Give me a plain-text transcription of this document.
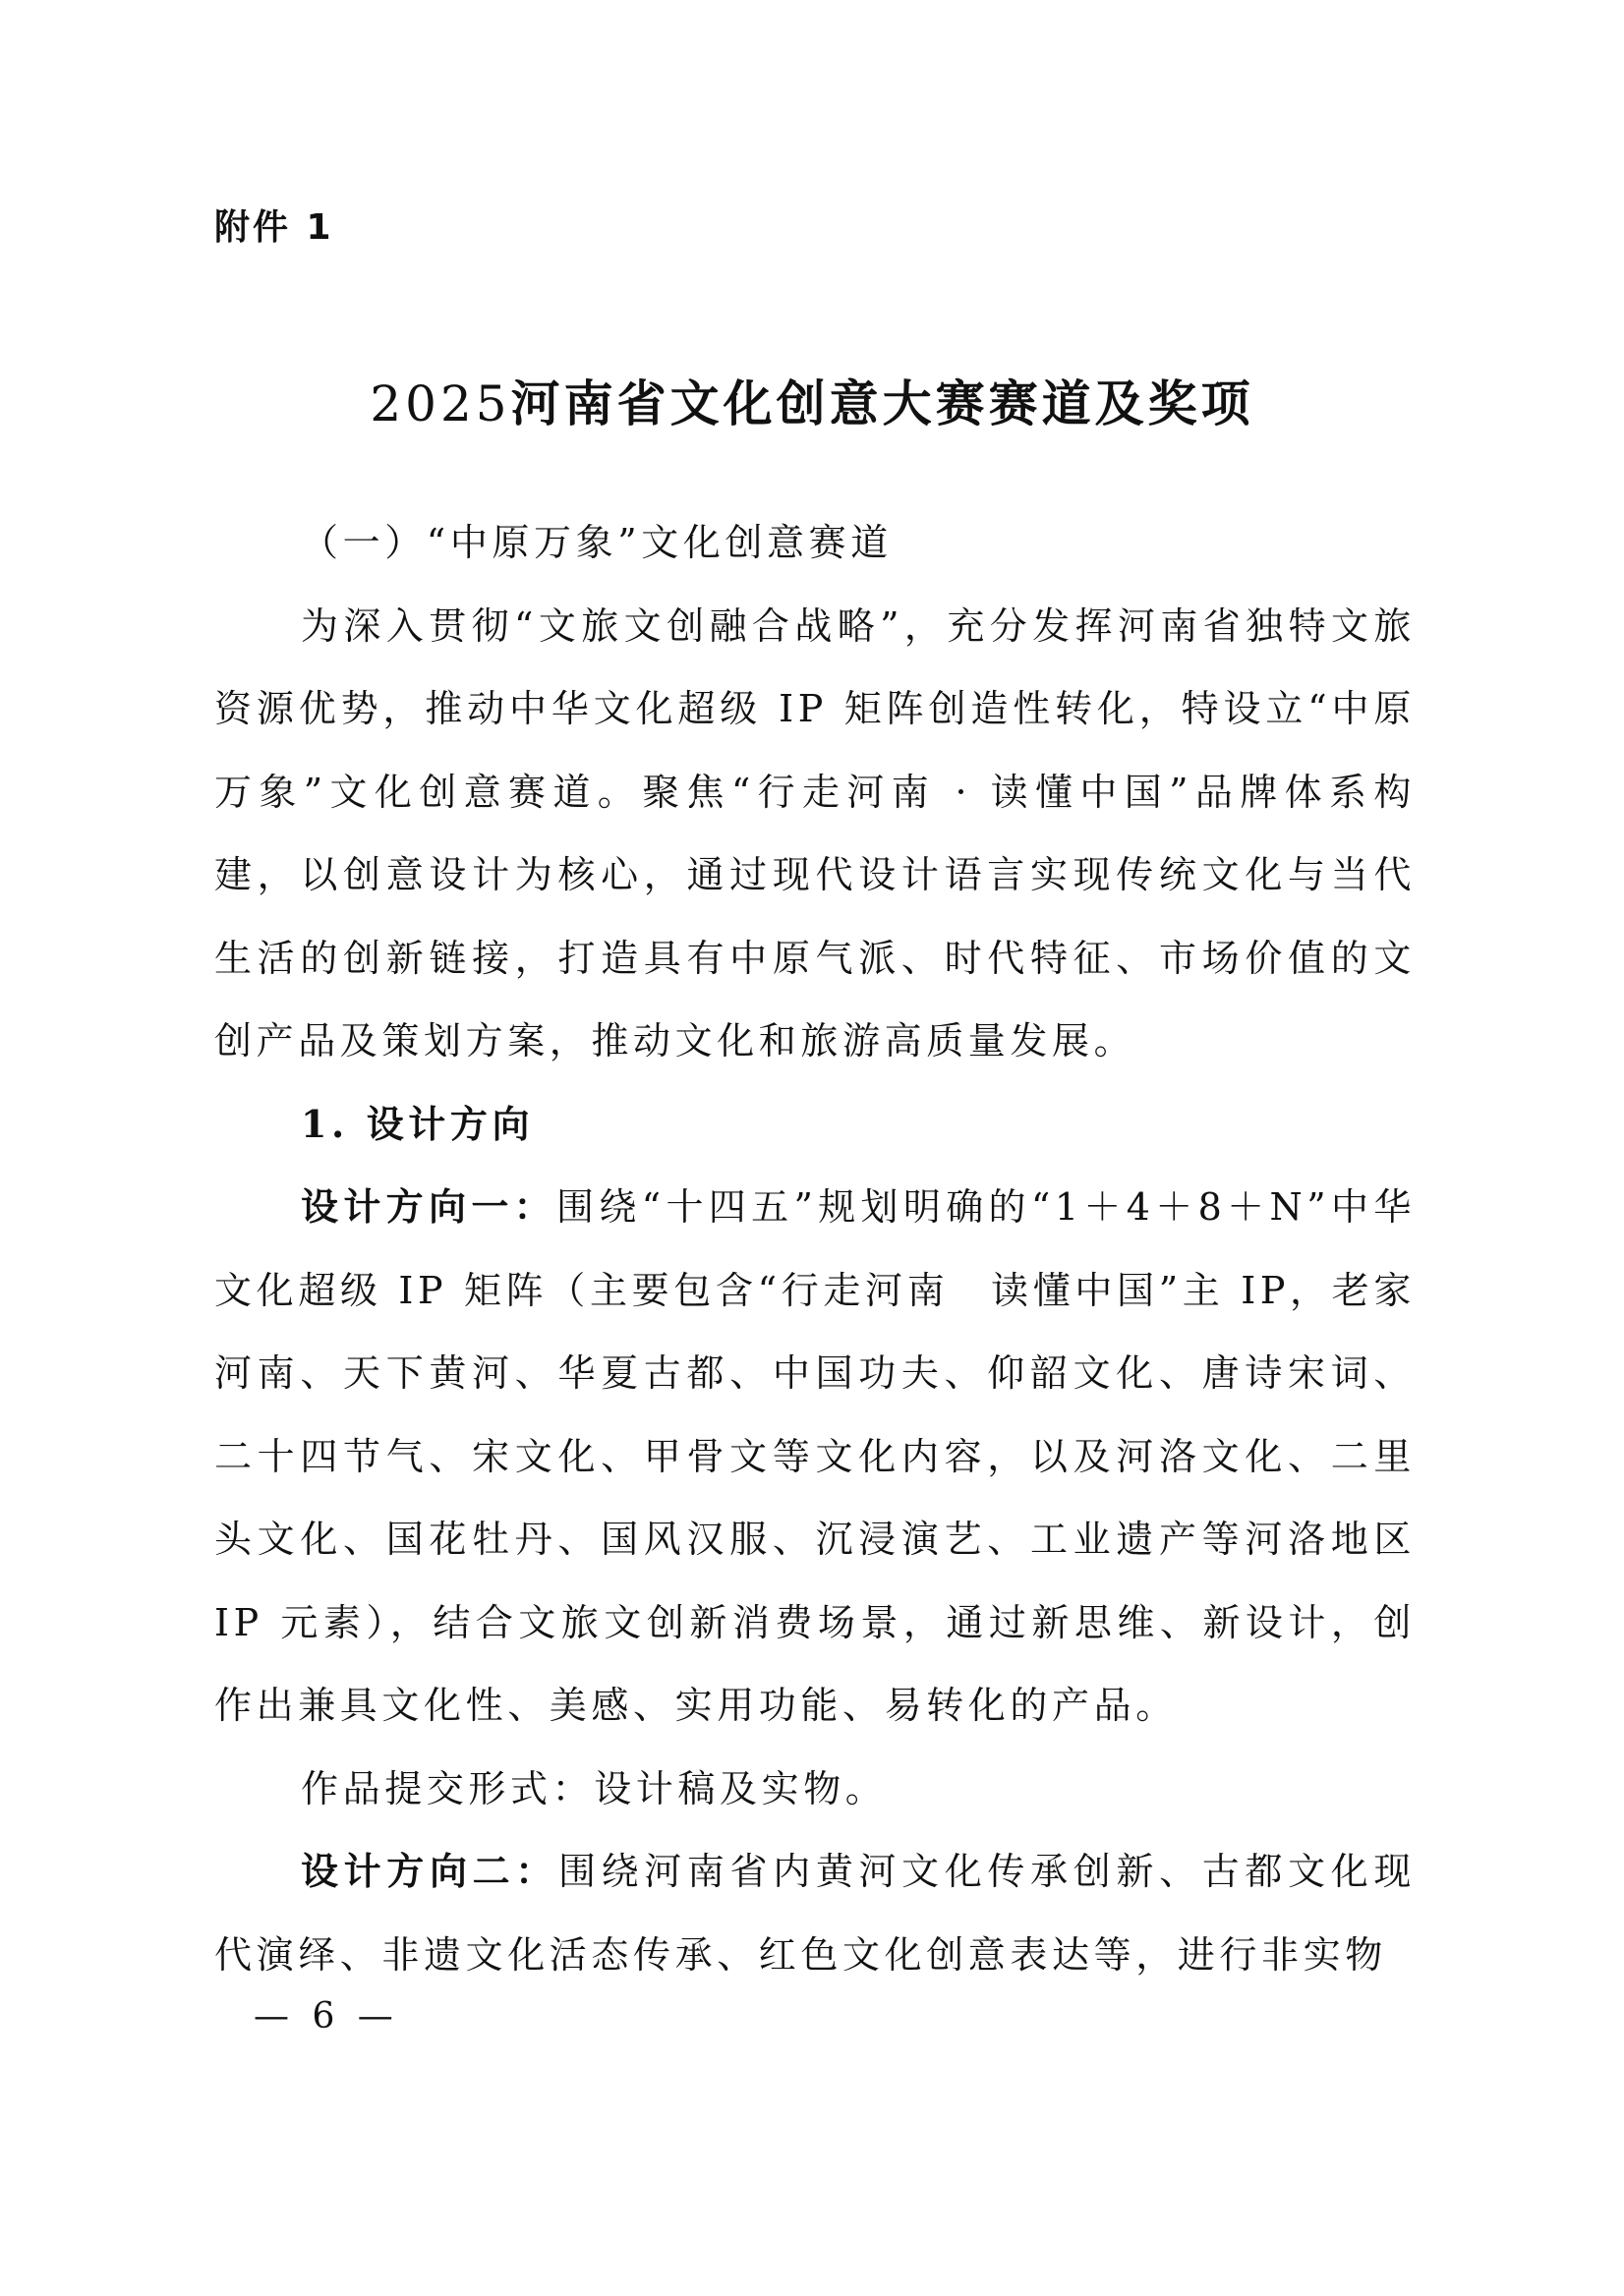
附件 1
2025河南省文化创意大赛赛道及奖项

（一）“中原万象”文化创意赛道

为深入贯彻“文旅文创融合战略”，充分发挥河南省独特文旅资源优势，推动中华文化超级 IP 矩阵创造性转化，特设立“中原万象”文化创意赛道。聚焦“行走河南 · 读懂中国”品牌体系构建，以创意设计为核心，通过现代设计语言实现传统文化与当代生活的创新链接，打造具有中原气派、时代特征、市场价值的文创产品及策划方案，推动文化和旅游高质量发展。

1. 设计方向

设计方向一：围绕“十四五”规划明确的“1＋4＋8＋N”中华文化超级 IP 矩阵（主要包含“行走河南　读懂中国”主 IP，老家河南、天下黄河、华夏古都、中国功夫、仰韶文化、唐诗宋词、二十四节气、宋文化、甲骨文等文化内容，以及河洛文化、二里头文化、国花牡丹、国风汉服、沉浸演艺、工业遗产等河洛地区 IP 元素），结合文旅文创新消费场景，通过新思维、新设计，创作出兼具文化性、美感、实用功能、易转化的产品。

作品提交形式：设计稿及实物。

设计方向二：围绕河南省内黄河文化传承创新、古都文化现代演绎、非遗文化活态传承、红色文化创意表达等，进行非实物

— 6 —
